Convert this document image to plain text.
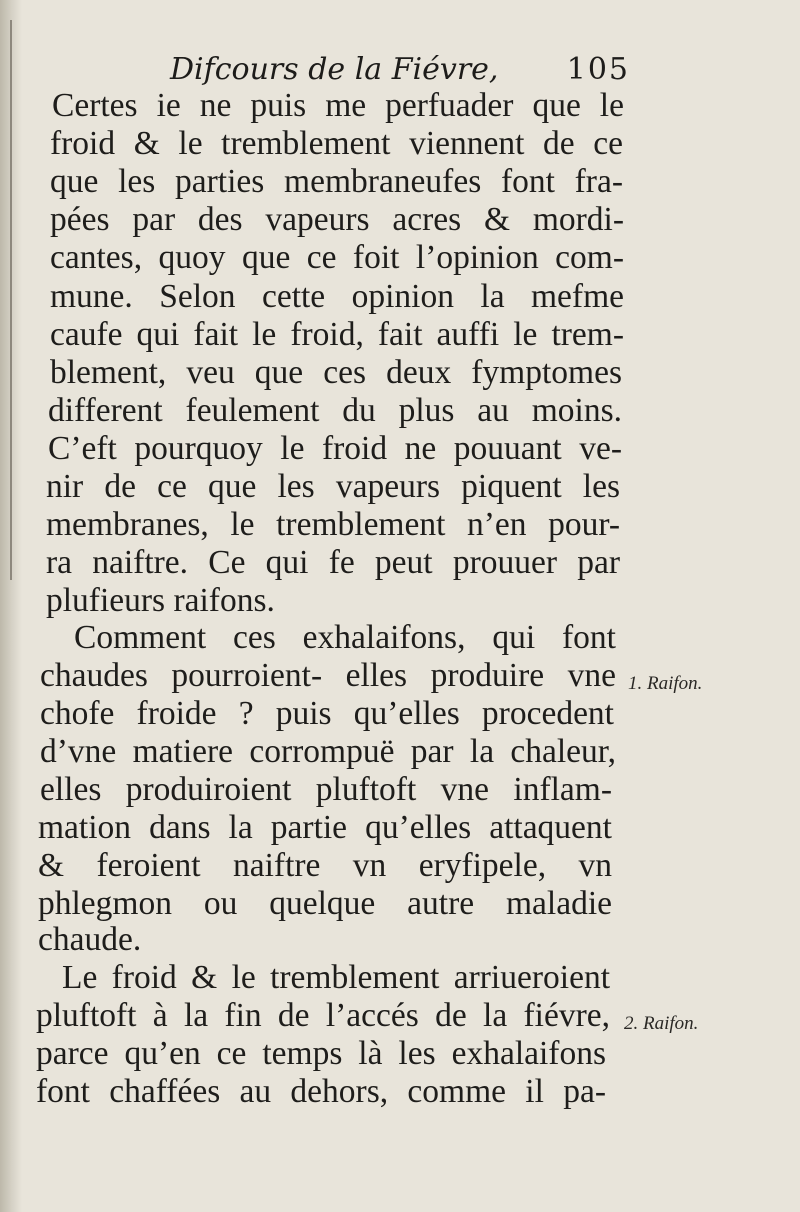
Difcours de la Fiévre, 105
Certes ie ne puis me perfuader que le
froid & le tremblement viennent de ce
que les parties membraneufes font fra-
pées par des vapeurs acres & mordi-
cantes, quoy que ce foit l’opinion com-
mune. Selon cette opinion la mefme
caufe qui fait le froid, fait auffi le trem-
blement, veu que ces deux fymptomes
different feulement du plus au moins.
C’eft pourquoy le froid ne pouuant ve-
nir de ce que les vapeurs piquent les
membranes, le tremblement n’en pour-
ra naiftre. Ce qui fe peut prouuer par
plufieurs raifons.
Comment ces exhalaifons, qui font
chaudes pourroient- elles produire vne
chofe froide ? puis qu’elles procedent
d’vne matiere corrompuë par la chaleur,
elles produiroient pluftoft vne inflam-
mation dans la partie qu’elles attaquent
& feroient naiftre vn eryfipele, vn
phlegmon ou quelque autre maladie
chaude.
Le froid & le tremblement arriueroient
pluftoft à la fin de l’accés de la fiévre,
parce qu’en ce temps là les exhalaifons
font chaffées au dehors, comme il pa-
1. Raifon.
2. Raifon.
